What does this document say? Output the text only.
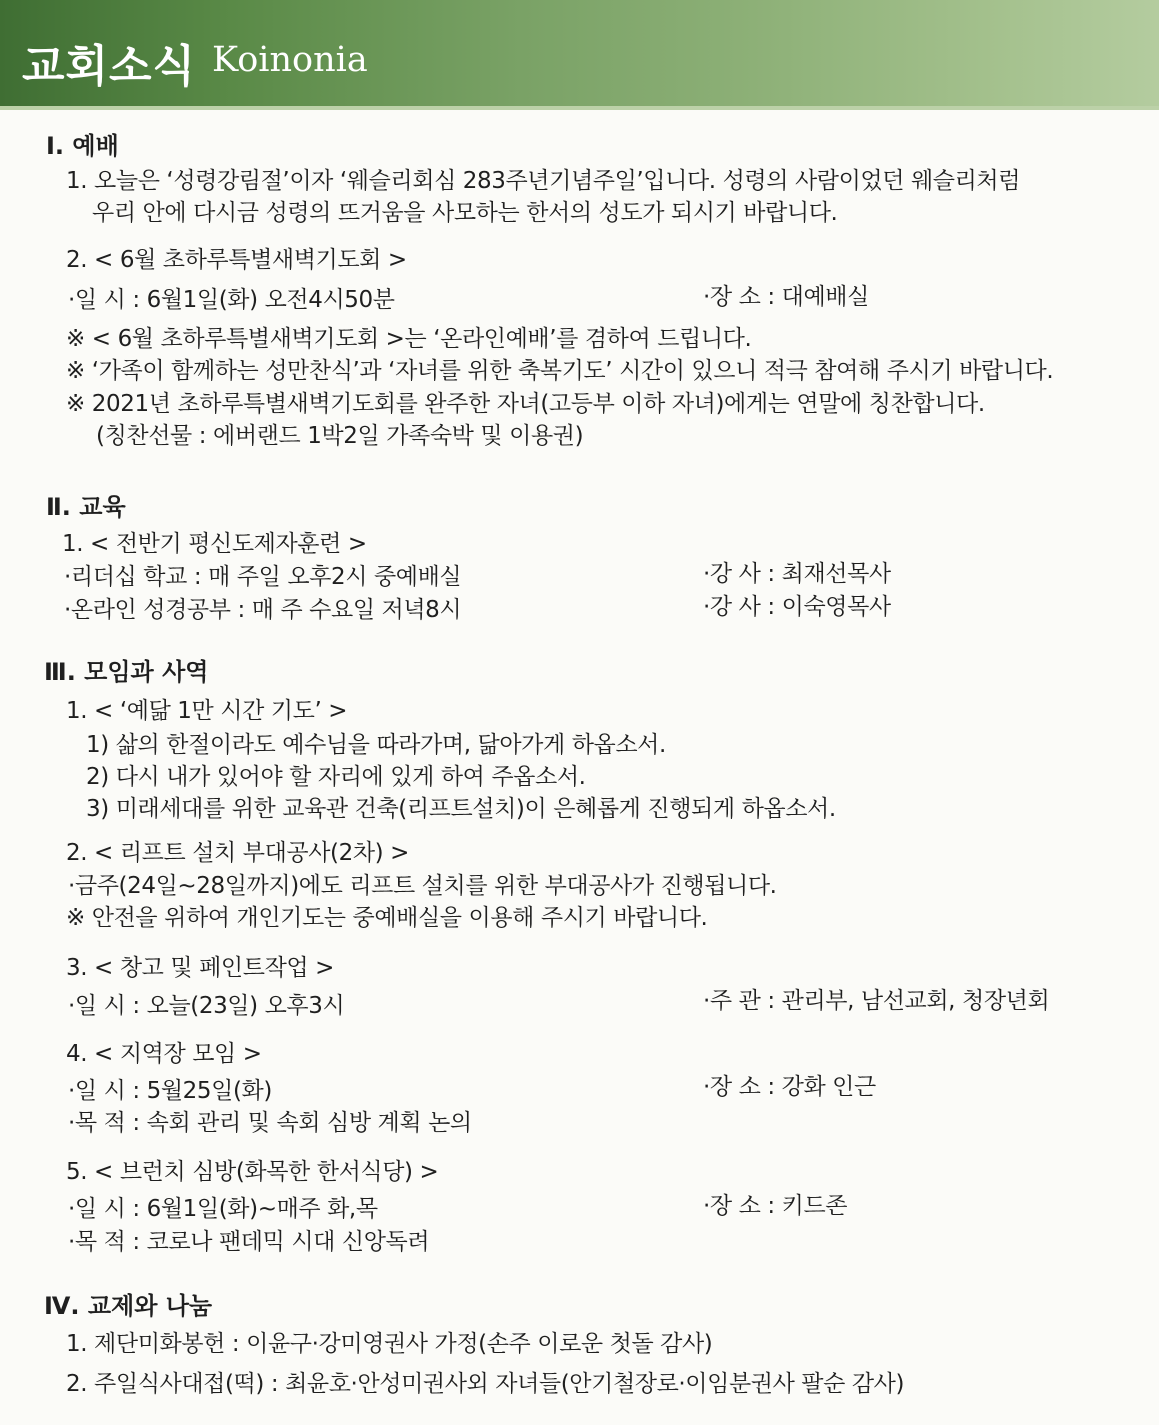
교회소식 Koinonia
Ⅰ. 예배
1. 오늘은 ‘성령강림절’이자 ‘웨슬리회심 283주년기념주일’입니다. 성령의 사람이었던 웨슬리처럼
우리 안에 다시금 성령의 뜨거움을 사모하는 한서의 성도가 되시기 바랍니다.
2. < 6월 초하루특별새벽기도회 >
·일 시 : 6월1일(화) 오전4시50분	·장 소 : 대예배실
※ < 6월 초하루특별새벽기도회 >는 ‘온라인예배’를 겸하여 드립니다.
※ ‘가족이 함께하는 성만찬식’과 ‘자녀를 위한 축복기도’ 시간이 있으니 적극 참여해 주시기 바랍니다.
※ 2021년 초하루특별새벽기도회를 완주한 자녀(고등부 이하 자녀)에게는 연말에 칭찬합니다.
(칭찬선물 : 에버랜드 1박2일 가족숙박 및 이용권)
Ⅱ. 교육
1. < 전반기 평신도제자훈련 >
·리더십 학교 : 매 주일 오후2시 중예배실	·강 사 : 최재선목사
·온라인 성경공부 : 매 주 수요일 저녁8시	·강 사 : 이숙영목사
Ⅲ. 모임과 사역
1. < ‘예닮 1만 시간 기도’ >
1) 삶의 한절이라도 예수님을 따라가며, 닮아가게 하옵소서.
2) 다시 내가 있어야 할 자리에 있게 하여 주옵소서.
3) 미래세대를 위한 교육관 건축(리프트설치)이 은혜롭게 진행되게 하옵소서.
2. < 리프트 설치 부대공사(2차) >
·금주(24일~28일까지)에도 리프트 설치를 위한 부대공사가 진행됩니다.
※ 안전을 위하여 개인기도는 중예배실을 이용해 주시기 바랍니다.
3. < 창고 및 페인트작업 >
·일 시 : 오늘(23일) 오후3시	·주 관 : 관리부, 남선교회, 청장년회
4. < 지역장 모임 >
·일 시 : 5월25일(화)	·장 소 : 강화 인근
·목 적 : 속회 관리 및 속회 심방 계획 논의
5. < 브런치 심방(화목한 한서식당) >
·일 시 : 6월1일(화)~매주 화,목	·장 소 : 키드존
·목 적 : 코로나 팬데믹 시대 신앙독려
Ⅳ. 교제와 나눔
1. 제단미화봉헌 : 이윤구·강미영권사 가정(손주 이로운 첫돌 감사)
2. 주일식사대접(떡) : 최윤호·안성미권사외 자녀들(안기철장로·이임분권사 팔순 감사)
